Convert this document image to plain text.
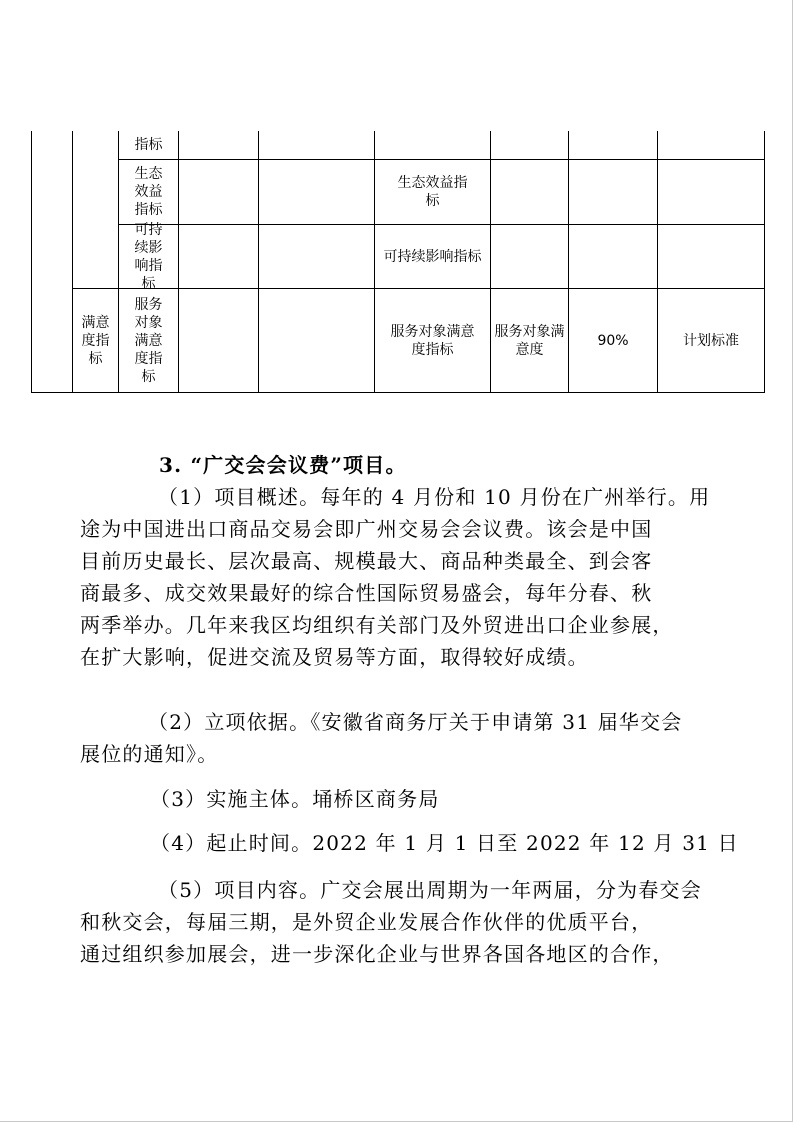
指标
生态效益指标
生态效益指标
可持续影响指标
可持续影响指标
满意度指标
服务对象满意度指标
服务对象满意度指标
服务对象满意度
90%	计划标准
3. “广交会会议费”项目。
（1）项目概述。每年的 4 月份和 10 月份在广州举行。用
途为中国进出口商品交易会即广州交易会会议费。该会是中国
目前历史最长、层次最高、规模最大、商品种类最全、到会客
商最多、成交效果最好的综合性国际贸易盛会，每年分春、秋
两季举办。几年来我区均组织有关部门及外贸进出口企业参展，
在扩大影响，促进交流及贸易等方面，取得较好成绩。
（2）立项依据。《安徽省商务厅关于申请第 31 届华交会
展位的通知》。
（3）实施主体。埇桥区商务局
（4）起止时间。2022 年 1 月 1 日至 2022 年 12 月 31 日
（5）项目内容。广交会展出周期为一年两届，分为春交会
和秋交会，每届三期，是外贸企业发展合作伙伴的优质平台，
通过组织参加展会，进一步深化企业与世界各国各地区的合作，
